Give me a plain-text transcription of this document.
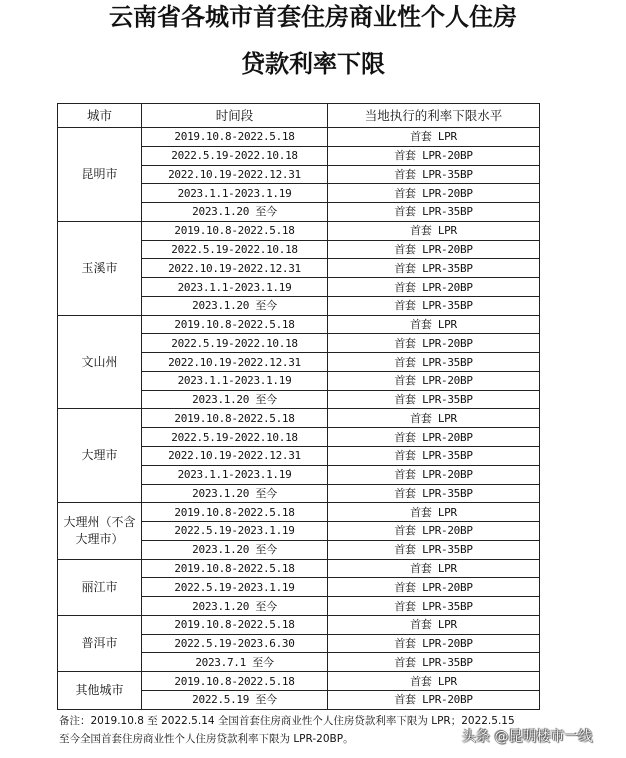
云南省各城市首套住房商业性个人住房
贷款利率下限
城市	时间段	当地执行的利率下限水平
昆明市	2019.10.8-2022.5.18	首套 LPR
	2022.5.19-2022.10.18	首套 LPR-20BP
	2022.10.19-2022.12.31	首套 LPR-35BP
	2023.1.1-2023.1.19	首套 LPR-20BP
	2023.1.20 至今	首套 LPR-35BP
玉溪市	2019.10.8-2022.5.18	首套 LPR
	2022.5.19-2022.10.18	首套 LPR-20BP
	2022.10.19-2022.12.31	首套 LPR-35BP
	2023.1.1-2023.1.19	首套 LPR-20BP
	2023.1.20 至今	首套 LPR-35BP
文山州	2019.10.8-2022.5.18	首套 LPR
	2022.5.19-2022.10.18	首套 LPR-20BP
	2022.10.19-2022.12.31	首套 LPR-35BP
	2023.1.1-2023.1.19	首套 LPR-20BP
	2023.1.20 至今	首套 LPR-35BP
大理市	2019.10.8-2022.5.18	首套 LPR
	2022.5.19-2022.10.18	首套 LPR-20BP
	2022.10.19-2022.12.31	首套 LPR-35BP
	2023.1.1-2023.1.19	首套 LPR-20BP
	2023.1.20 至今	首套 LPR-35BP
大理州（不含大理市）	2019.10.8-2022.5.18	首套 LPR
	2022.5.19-2023.1.19	首套 LPR-20BP
	2023.1.20 至今	首套 LPR-35BP
丽江市	2019.10.8-2022.5.18	首套 LPR
	2022.5.19-2023.1.19	首套 LPR-20BP
	2023.1.20 至今	首套 LPR-35BP
普洱市	2019.10.8-2022.5.18	首套 LPR
	2022.5.19-2023.6.30	首套 LPR-20BP
	2023.7.1 至今	首套 LPR-35BP
其他城市	2019.10.8-2022.5.18	首套 LPR
	2022.5.19 至今	首套 LPR-20BP
备注：2019.10.8 至 2022.5.14 全国首套住房商业性个人住房贷款利率下限为 LPR；2022.5.15
至今全国首套住房商业性个人住房贷款利率下限为 LPR-20BP。	头条 @昆明楼市一线
